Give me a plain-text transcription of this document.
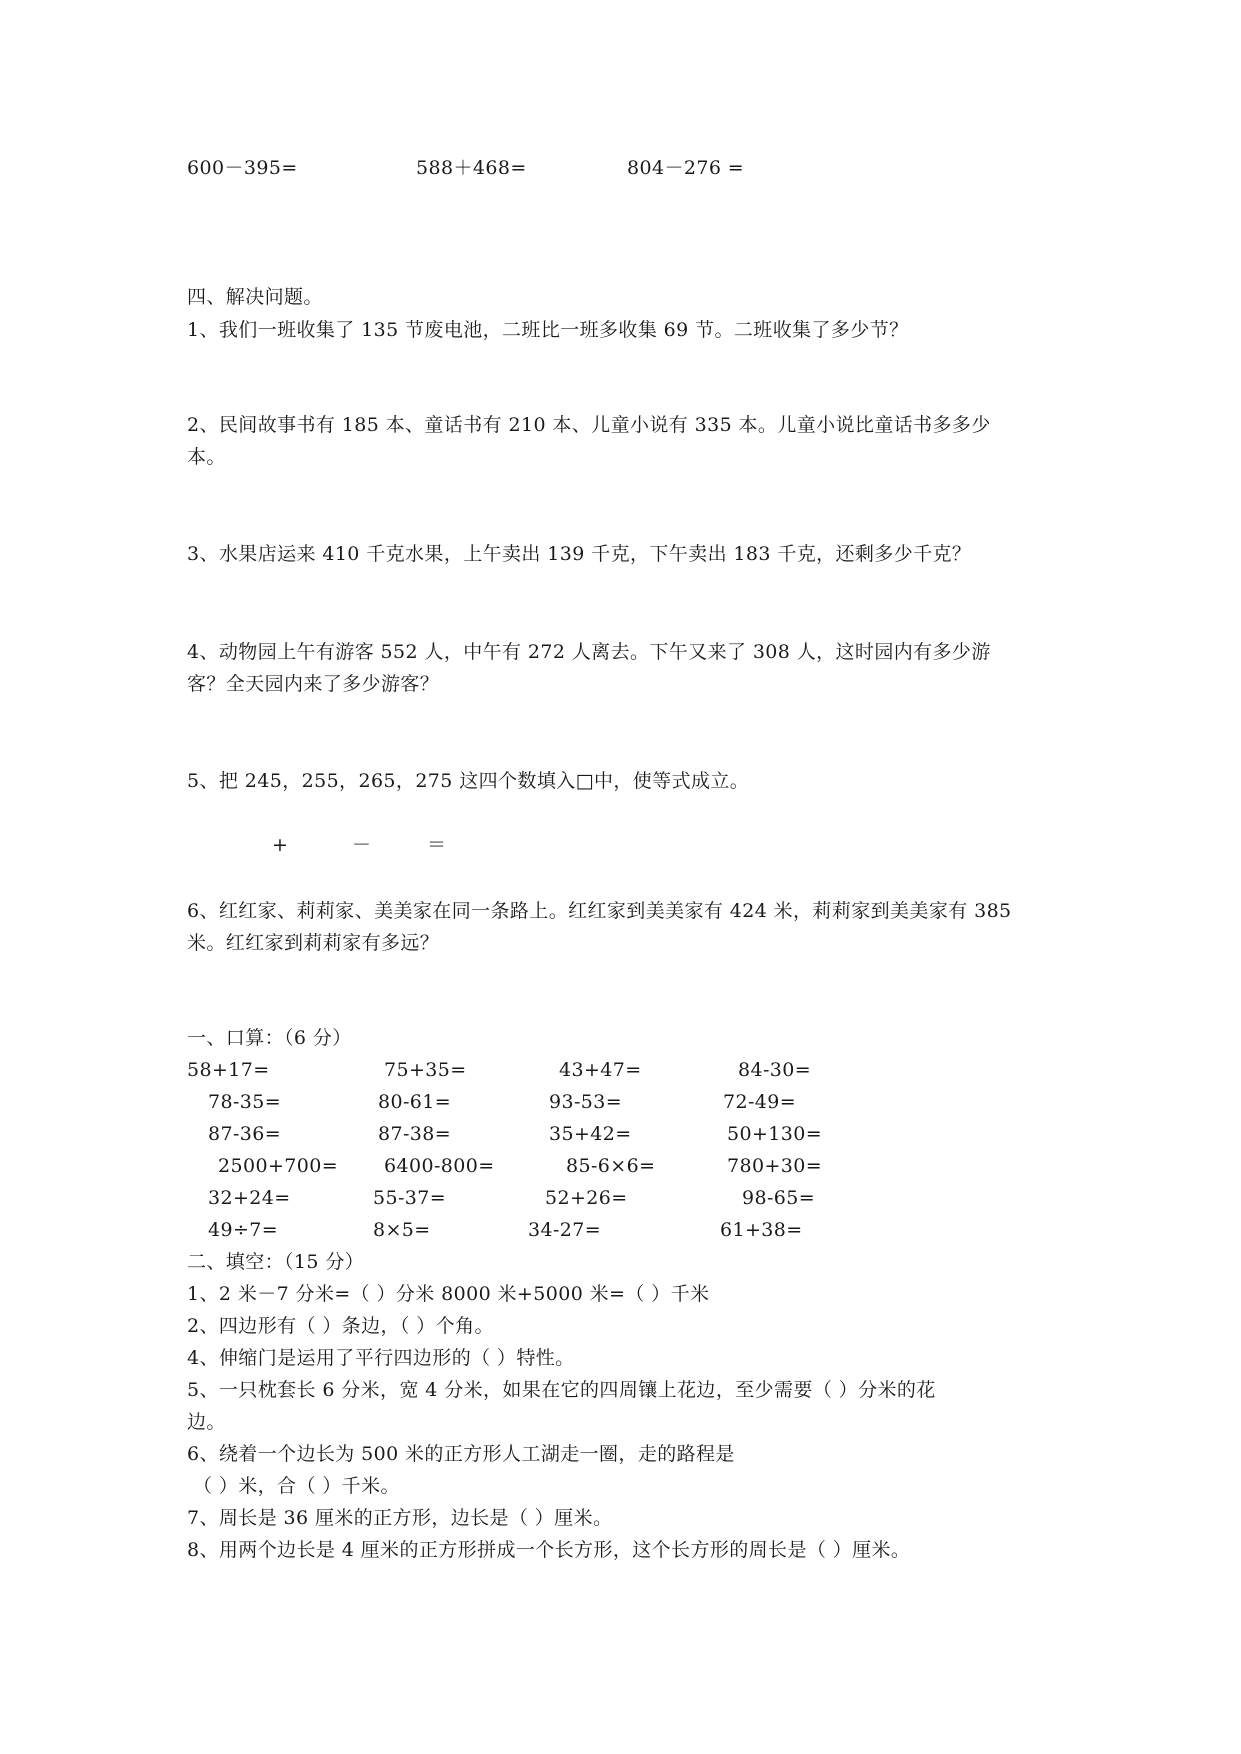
600－395=	588＋468=	804－276 =
四、解决问题。
1、我们一班收集了 135 节废电池，二班比一班多收集 69 节。二班收集了多少节？
2、民间故事书有 185 本、童话书有 210 本、儿童小说有 335 本。儿童小说比童话书多多少
本。
3、水果店运来 410 千克水果，上午卖出 139 千克，下午卖出 183 千克，还剩多少千克？
4、动物园上午有游客 552 人，中午有 272 人离去。下午又来了 308 人，这时园内有多少游
客？全天园内来了多少游客？
5、把 245，255，265，275 这四个数填入□中，使等式成立。
+	－	＝
6、红红家、莉莉家、美美家在同一条路上。红红家到美美家有 424 米，莉莉家到美美家有 385
米。红红家到莉莉家有多远？
一、口算：（6 分）
58+17=	75+35=	43+47=	84-30=
78-35=	80-61=	93-53=	72-49=
87-36=	87-38=	35+42=	50+130=
2500+700= 6400-800=	85-6×6=	780+30=
32+24=	55-37=	52+26=	98-65=
49÷7=	8×5=	34-27=	61+38=
二、填空：（15 分）
1、2 米－7 分米=（ ）分米 8000 米+5000 米=（ ）千米
2、四边形有（ ）条边，（ ）个角。
4、伸缩门是运用了平行四边形的（ ）特性。
5、一只枕套长 6 分米，宽 4 分米，如果在它的四周镶上花边，至少需要（ ）分米的花
边。
6、绕着一个边长为 500 米的正方形人工湖走一圈，走的路程是
（ ）米，合（ ）千米。
7、周长是 36 厘米的正方形，边长是（ ）厘米。
8、用两个边长是 4 厘米的正方形拼成一个长方形，这个长方形的周长是（ ）厘米。
